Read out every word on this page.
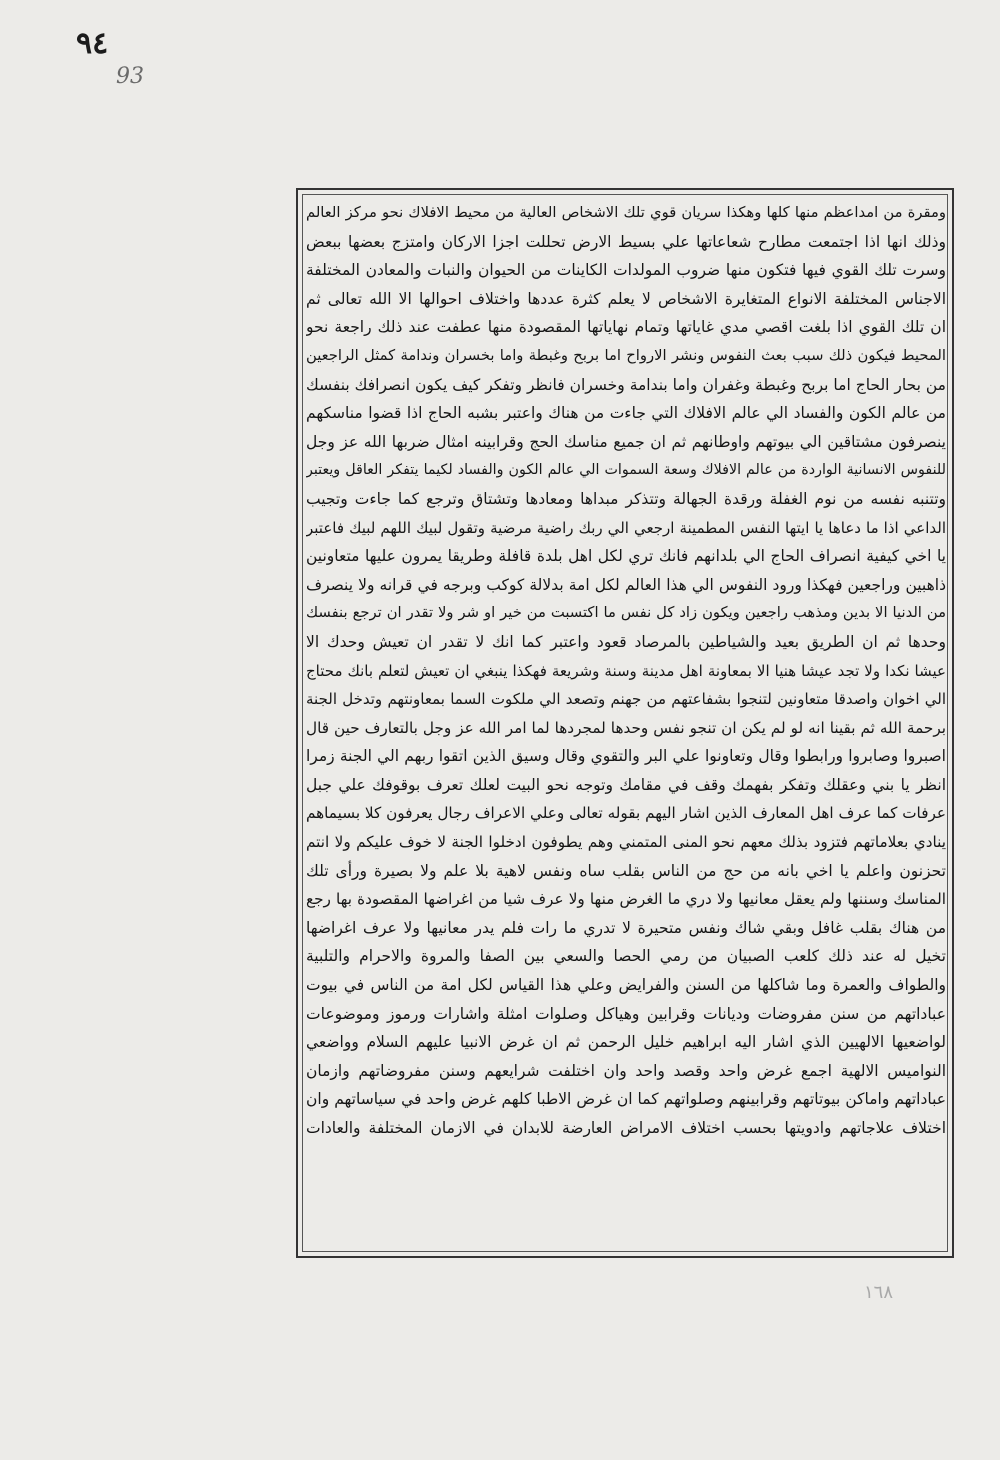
٩٤
93
ومقرة من امداعظم منها كلها وهكذا سريان قوي تلك الاشخاص العالية من محيط الافلاك نحو مركز العالم
وذلك انها اذا اجتمعت مطارح شعاعاتها علي بسيط الارض تحللت اجزا الاركان وامتزج بعضها ببعض
وسرت تلك القوي فيها فتكون منها ضروب المولدات الكاينات من الحيوان والنبات والمعادن المختلفة
الاجناس المختلفة الانواع المتغايرة الاشخاص لا يعلم كثرة عددها واختلاف احوالها الا الله تعالى ثم
ان تلك القوي اذا بلغت اقصي مدي غاياتها وتمام نهاياتها المقصودة منها عطفت عند ذلك راجعة نحو
المحيط فيكون ذلك سبب بعث النفوس ونشر الارواح اما بربح وغبطة واما بخسران وندامة كمثل الراجعين
من بحار الحاج اما بربح وغبطة وغفران واما بندامة وخسران فانظر وتفكر كيف يكون انصرافك بنفسك
من عالم الكون والفساد الي عالم الافلاك التي جاءت من هناك واعتبر بشبه الحاج اذا قضوا مناسكهم
ينصرفون مشتاقين الي بيوتهم واوطانهم ثم ان جميع مناسك الحج وقرابينه امثال ضربها الله عز وجل
للنفوس الانسانية الواردة من عالم الافلاك وسعة السموات الي عالم الكون والفساد لكيما يتفكر العاقل ويعتبر
وتتنبه نفسه من نوم الغفلة ورقدة الجهالة وتتذكر مبداها ومعادها وتشتاق وترجع كما جاءت وتجيب
الداعي اذا ما دعاها يا ايتها النفس المطمينة ارجعي الي ربك راضية مرضية وتقول لبيك اللهم لبيك فاعتبر
يا اخي كيفية انصراف الحاج الي بلدانهم فانك تري لكل اهل بلدة قافلة وطريقا يمرون عليها متعاونين
ذاهبين وراجعين فهكذا ورود النفوس الي هذا العالم لكل امة بدلالة كوكب وبرجه في قرانه ولا ينصرف
من الدنيا الا بدين ومذهب راجعين ويكون زاد كل نفس ما اكتسبت من خير او شر ولا تقدر ان ترجع بنفسك
وحدها ثم ان الطريق بعيد والشياطين بالمرصاد قعود واعتبر كما انك لا تقدر ان تعيش وحدك الا
عيشا نكدا ولا تجد عيشا هنيا الا بمعاونة اهل مدينة وسنة وشريعة فهكذا ينبغي ان تعيش لتعلم بانك محتاج
الي اخوان واصدقا متعاونين لتنجوا بشفاعتهم من جهنم وتصعد الي ملكوت السما بمعاونتهم وتدخل الجنة
برحمة الله ثم بقينا انه لو لم يكن ان تنجو نفس وحدها لمجردها لما امر الله عز وجل بالتعارف حين قال
اصبروا وصابروا ورابطوا وقال وتعاونوا علي البر والتقوي وقال وسيق الذين اتقوا ربهم الي الجنة زمرا
انظر يا بني وعقلك وتفكر بفهمك وقف في مقامك وتوجه نحو البيت لعلك تعرف بوقوفك علي جبل
عرفات كما عرف اهل المعارف الذين اشار اليهم بقوله تعالى وعلي الاعراف رجال يعرفون كلا بسيماهم
ينادي بعلاماتهم فتزود بذلك معهم نحو المنى المتمني وهم يطوفون ادخلوا الجنة لا خوف عليكم ولا انتم
تحزنون واعلم يا اخي بانه من حج من الناس بقلب ساه ونفس لاهية بلا علم ولا بصيرة ورأى تلك
المناسك وسننها ولم يعقل معانيها ولا دري ما الغرض منها ولا عرف شيا من اغراضها المقصودة بها رجع
من هناك بقلب غافل وبقي شاك ونفس متحيرة لا تدري ما رات فلم يدر معانيها ولا عرف اغراضها
تخيل له عند ذلك كلعب الصبيان من رمي الحصا والسعي بين الصفا والمروة والاحرام والتلبية
والطواف والعمرة وما شاكلها من السنن والفرايض وعلي هذا القياس لكل امة من الناس في بيوت
عباداتهم من سنن مفروضات وديانات وقرابين وهياكل وصلوات امثلة واشارات ورموز وموضوعات
لواضعيها الالهيين الذي اشار اليه ابراهيم خليل الرحمن ثم ان غرض الانبيا عليهم السلام وواضعي
النواميس الالهية اجمع غرض واحد وقصد واحد وان اختلفت شرايعهم وسنن مفروضاتهم وازمان
عباداتهم واماكن بيوتاتهم وقرابينهم وصلواتهم كما ان غرض الاطبا كلهم غرض واحد في سياساتهم وان
اختلاف علاجاتهم وادويتها بحسب اختلاف الامراض العارضة للابدان في الازمان المختلفة والعادات
١٦٨
